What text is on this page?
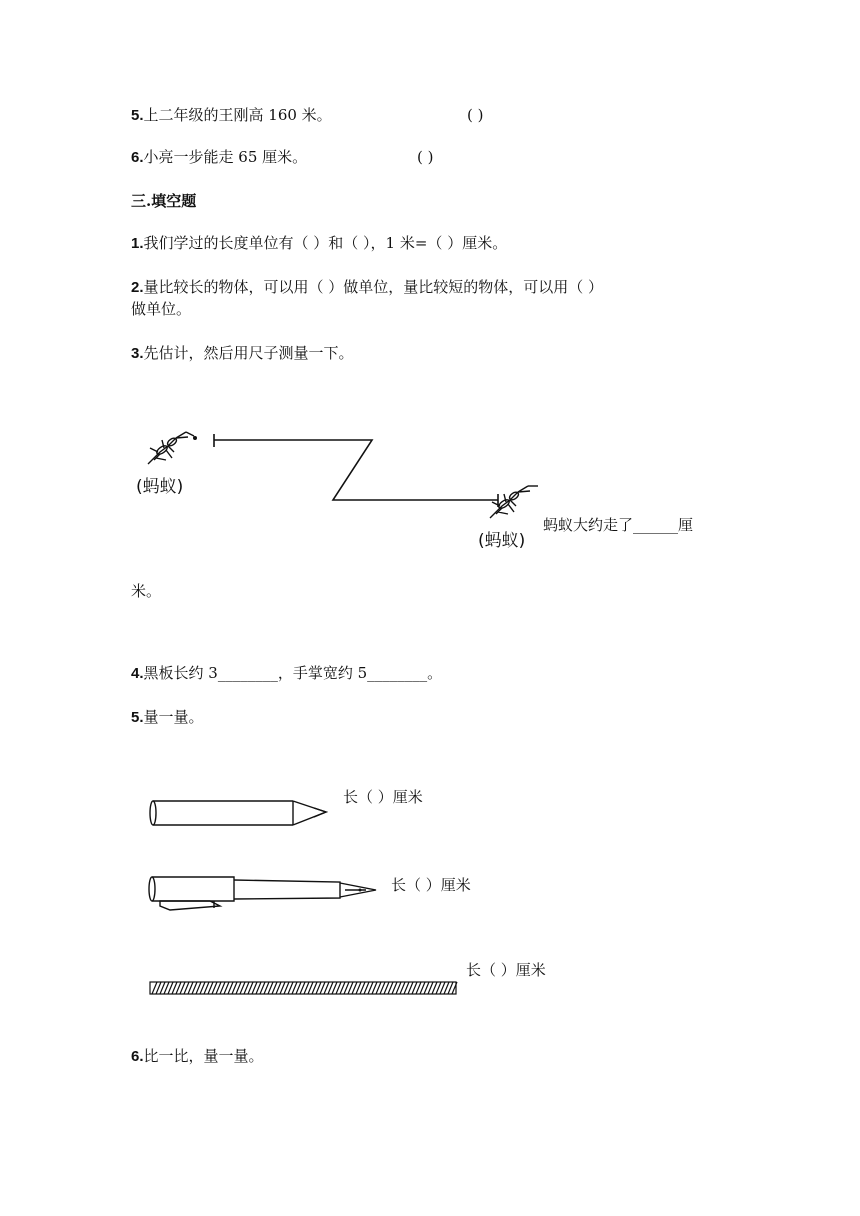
5.上二年级的王刚高 160 米。	( )
6.小亮一步能走 65 厘米。	( )
三.填空题
1.我们学过的长度单位有（ ）和（ ），1 米=（ ）厘米。
2.量比较长的物体，可以用（ ）做单位，量比较短的物体，可以用（ ）
做单位。
3.先估计，然后用尺子测量一下。
(蚂蚁)
(蚂蚁)
蚂蚁大约走了______厘
米。
4.黑板长约 3________，手掌宽约 5________。
5.量一量。
长（ ）厘米
长（ ）厘米
长（ ）厘米
6.比一比，量一量。
